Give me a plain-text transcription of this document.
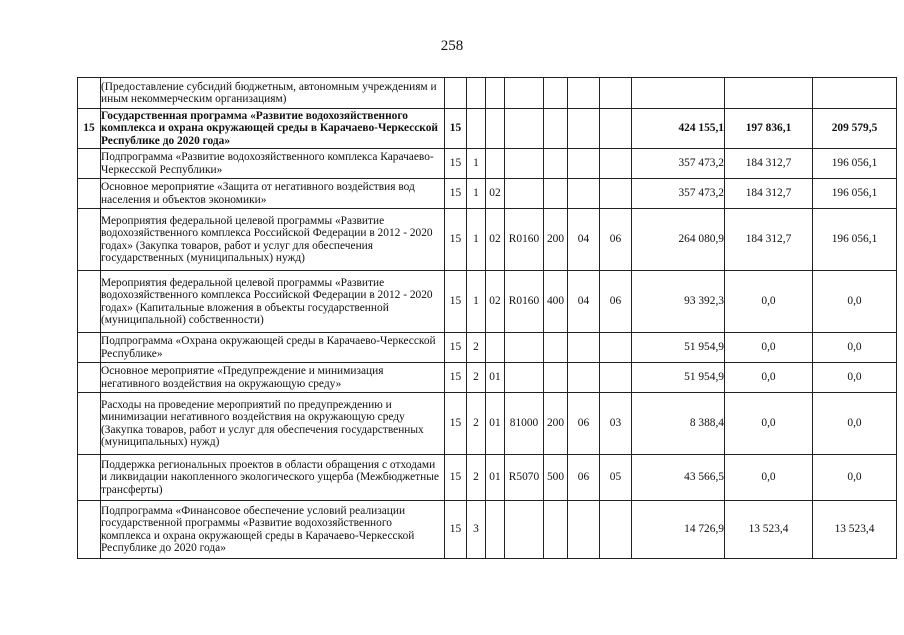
258
	(Предоставление субсидий бюджетным, автономным учреждениям и иным некоммерческим организациям)										
15	Государственная программа «Развитие водохозяйственного комплекса и охрана окружающей среды в Карачаево-Черкесской Республике до 2020 года»	15							424 155,1	197 836,1	209 579,5
	Подпрограмма «Развитие водохозяйственного комплекса Карачаево-Черкесской Республики»	15	1						357 473,2	184 312,7	196 056,1
	Основное мероприятие «Защита от негативного воздействия вод населения и объектов экономики»	15	1	02					357 473,2	184 312,7	196 056,1
	Мероприятия федеральной целевой программы «Развитие водохозяйственного комплекса Российской Федерации в 2012 - 2020 годах» (Закупка товаров, работ и услуг для обеспечения государственных (муниципальных) нужд)	15	1	02	R0160	200	04	06	264 080,9	184 312,7	196 056,1
	Мероприятия федеральной целевой программы «Развитие водохозяйственного комплекса Российской Федерации в 2012 - 2020 годах» (Капитальные вложения в объекты государственной (муниципальной) собственности)	15	1	02	R0160	400	04	06	93 392,3	0,0	0,0
	Подпрограмма «Охрана окружающей среды в Карачаево-Черкесской Республике»	15	2						51 954,9	0,0	0,0
	Основное мероприятие «Предупреждение и минимизация негативного воздействия на окружающую среду»	15	2	01					51 954,9	0,0	0,0
	Расходы на проведение мероприятий по предупреждению и минимизации негативного воздействия на окружающую среду (Закупка товаров, работ и услуг для обеспечения государственных (муниципальных) нужд)	15	2	01	81000	200	06	03	8 388,4	0,0	0,0
	Поддержка региональных проектов в области обращения с отходами и ликвидации накопленного экологического ущерба (Межбюджетные трансферты)	15	2	01	R5070	500	06	05	43 566,5	0,0	0,0
	Подпрограмма «Финансовое обеспечение условий реализации государственной программы «Развитие водохозяйственного комплекса и охрана окружающей среды в Карачаево-Черкесской Республике до 2020 года»	15	3						14 726,9	13 523,4	13 523,4
